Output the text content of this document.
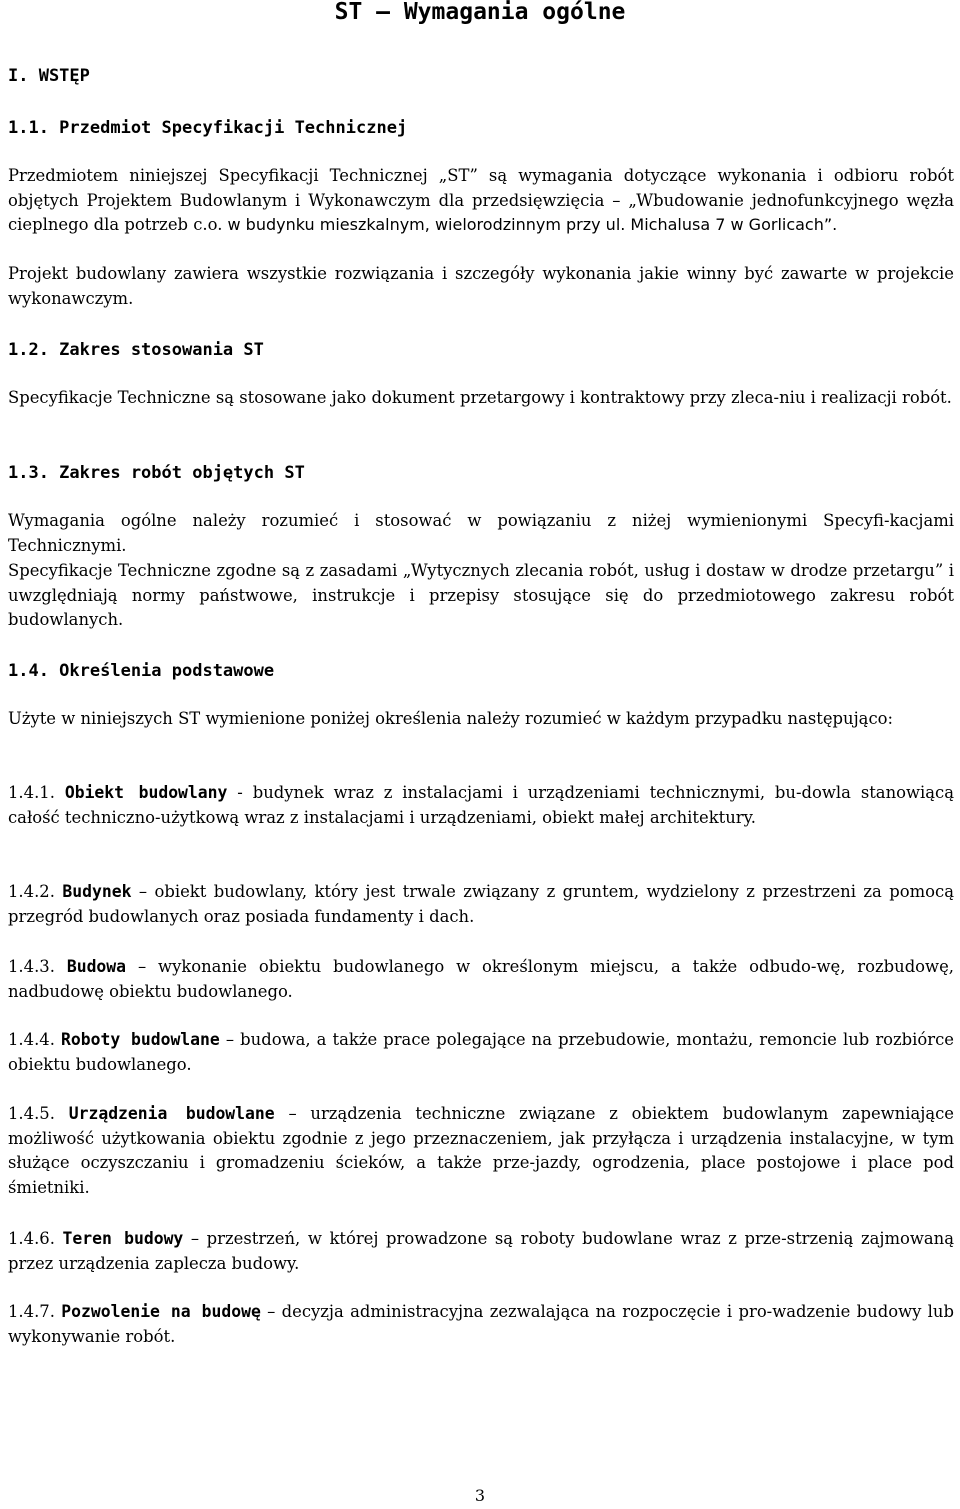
ST – Wymagania ogólne
I. WSTĘP
1.1. Przedmiot Specyfikacji Technicznej

Przedmiotem niniejszej Specyfikacji Technicznej „ST” są wymagania dotyczące wykonania i odbioru robót objętych Projektem Budowlanym i Wykonawczym dla przedsięwzięcia – „Wbudowanie jednofunkcyjnego węzła cieplnego dla potrzeb c.o. w budynku mieszkalnym, wielorodzinnym przy ul. Michalusa 7 w Gorlicach”.

Projekt budowlany zawiera wszystkie rozwiązania i szczegóły wykonania jakie winny być zawarte w projekcie wykonawczym.

1.2. Zakres stosowania ST

Specyfikacje Techniczne są stosowane jako dokument przetargowy i kontraktowy przy zleca-niu i realizacji robót.

1.3. Zakres robót objętych ST

Wymagania ogólne należy rozumieć i stosować w powiązaniu z niżej wymienionymi Specyfi-kacjami Technicznymi.

Specyfikacje Techniczne zgodne są z zasadami „Wytycznych zlecania robót, usług i dostaw w drodze przetargu” i uwzględniają normy państwowe, instrukcje i przepisy stosujące się do przedmiotowego zakresu robót budowlanych.

1.4. Określenia podstawowe

Użyte w niniejszych ST wymienione poniżej określenia należy rozumieć w każdym przypadku następująco:

1.4.1. Obiekt budowlany - budynek wraz z instalacjami i urządzeniami technicznymi, bu-dowla stanowiącą całość techniczno-użytkową wraz z instalacjami i urządzeniami, obiekt małej architektury.

1.4.2. Budynek – obiekt budowlany, który jest trwale związany z gruntem, wydzielony z przestrzeni za pomocą przegród budowlanych oraz posiada fundamenty i dach.

1.4.3. Budowa – wykonanie obiektu budowlanego w określonym miejscu, a także odbudo-wę, rozbudowę, nadbudowę obiektu budowlanego.

1.4.4. Roboty budowlane – budowa, a także prace polegające na przebudowie, montażu, remoncie lub rozbiórce obiektu budowlanego.

1.4.5. Urządzenia budowlane – urządzenia techniczne związane z obiektem budowlanym zapewniające możliwość użytkowania obiektu zgodnie z jego przeznaczeniem, jak przyłącza i urządzenia instalacyjne, w tym służące oczyszczaniu i gromadzeniu ścieków, a także prze-jazdy, ogrodzenia, place postojowe i place pod śmietniki.

1.4.6. Teren budowy – przestrzeń, w której prowadzone są roboty budowlane wraz z prze-strzenią zajmowaną przez urządzenia zaplecza budowy.

1.4.7. Pozwolenie na budowę – decyzja administracyjna zezwalająca na rozpoczęcie i pro-wadzenie budowy lub wykonywanie robót.

3
